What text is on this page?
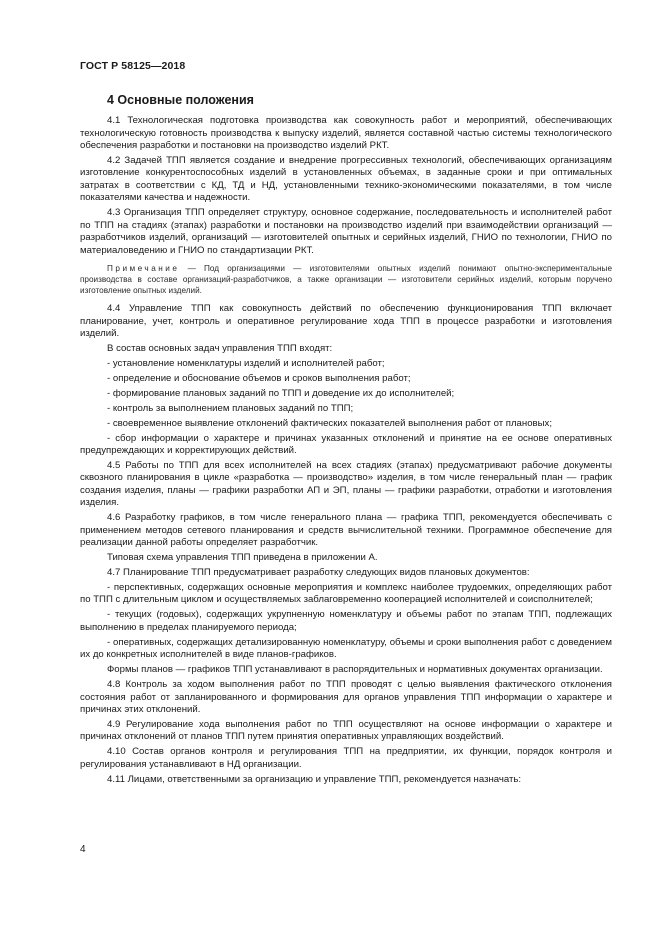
ГОСТ Р 58125—2018
4 Основные положения

4.1 Технологическая подготовка производства как совокупность работ и мероприятий, обеспечивающих технологическую готовность производства к выпуску изделий, является составной частью системы технологического обеспечения разработки и постановки на производство изделий РКТ.

4.2 Задачей ТПП является создание и внедрение прогрессивных технологий, обеспечивающих организациям изготовление конкурентоспособных изделий в установленных объемах, в заданные сроки и при оптимальных затратах в соответствии с КД, ТД и НД, установленными технико-экономическими показателями, в том числе показателями качества и надежности.

4.3 Организация ТПП определяет структуру, основное содержание, последовательность и исполнителей работ по ТПП на стадиях (этапах) разработки и постановки на производство изделий при взаимодействии организаций — разработчиков изделий, организаций — изготовителей опытных и серийных изделий, ГНИО по технологии, ГНИО по материаловедению и ГНИО по стандартизации РКТ.

Примечание — Под организациями — изготовителями опытных изделий понимают опытно-экспериментальные производства в составе организаций-разработчиков, а также организации — изготовители серийных изделий, которым поручено изготовление опытных изделий.

4.4 Управление ТПП как совокупность действий по обеспечению функционирования ТПП включает планирование, учет, контроль и оперативное регулирование хода ТПП в процессе разработки и изготовления изделий.

В состав основных задач управления ТПП входят:

- установление номенклатуры изделий и исполнителей работ;

- определение и обоснование объемов и сроков выполнения работ;

- формирование плановых заданий по ТПП и доведение их до исполнителей;

- контроль за выполнением плановых заданий по ТПП;

- своевременное выявление отклонений фактических показателей выполнения работ от плановых;

- сбор информации о характере и причинах указанных отклонений и принятие на ее основе оперативных предупреждающих и корректирующих действий.

4.5 Работы по ТПП для всех исполнителей на всех стадиях (этапах) предусматривают рабочие документы сквозного планирования в цикле «разработка — производство» изделия, в том числе генеральный план — график создания изделия, планы — графики разработки АП и ЭП, планы — графики разработки, отработки и изготовления изделия.

4.6 Разработку графиков, в том числе генерального плана — графика ТПП, рекомендуется обеспечивать с применением методов сетевого планирования и средств вычислительной техники. Программное обеспечение для реализации данной работы определяет разработчик.

Типовая схема управления ТПП приведена в приложении А.

4.7 Планирование ТПП предусматривает разработку следующих видов плановых документов:

- перспективных, содержащих основные мероприятия и комплекс наиболее трудоемких, определяющих работ по ТПП с длительным циклом и осуществляемых заблаговременно кооперацией исполнителей и соисполнителей;

- текущих (годовых), содержащих укрупненную номенклатуру и объемы работ по этапам ТПП, подлежащих выполнению в пределах планируемого периода;

- оперативных, содержащих детализированную номенклатуру, объемы и сроки выполнения работ с доведением их до конкретных исполнителей в виде планов-графиков.

Формы планов — графиков ТПП устанавливают в распорядительных и нормативных документах организации.

4.8 Контроль за ходом выполнения работ по ТПП проводят с целью выявления фактического отклонения состояния работ от запланированного и формирования для органов управления ТПП информации о характере и причинах этих отклонений.

4.9 Регулирование хода выполнения работ по ТПП осуществляют на основе информации о характере и причинах отклонений от планов ТПП путем принятия оперативных управляющих воздействий.

4.10 Состав органов контроля и регулирования ТПП на предприятии, их функции, порядок контроля и регулирования устанавливают в НД организации.

4.11 Лицами, ответственными за организацию и управление ТПП, рекомендуется назначать:

4
